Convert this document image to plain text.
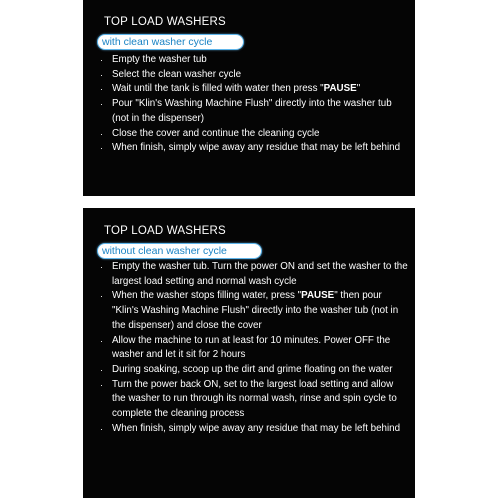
TOP LOAD WASHERS
with clean washer cycle
· Empty the washer tub
· Select the clean washer cycle
· Wait until the tank is filled with water then press "PAUSE"
· Pour "Klin's Washing Machine Flush" directly into the washer tub (not in the dispenser)
· Close the cover and continue the cleaning cycle
· When finish, simply wipe away any residue that may be left behind
TOP LOAD WASHERS
without clean washer cycle
· Empty the washer tub. Turn the power ON and set the washer to the largest load setting and normal wash cycle
· When the washer stops filling water, press "PAUSE" then pour "Klin's Washing Machine Flush" directly into the washer tub (not in the dispenser) and close the cover
· Allow the machine to run at least for 10 minutes. Power OFF the washer and let it sit for 2 hours
· During soaking, scoop up the dirt and grime floating on the water
· Turn the power back ON, set to the largest load setting and allow the washer to run through its normal wash, rinse and spin cycle to complete the cleaning process
· When finish, simply wipe away any residue that may be left behind
